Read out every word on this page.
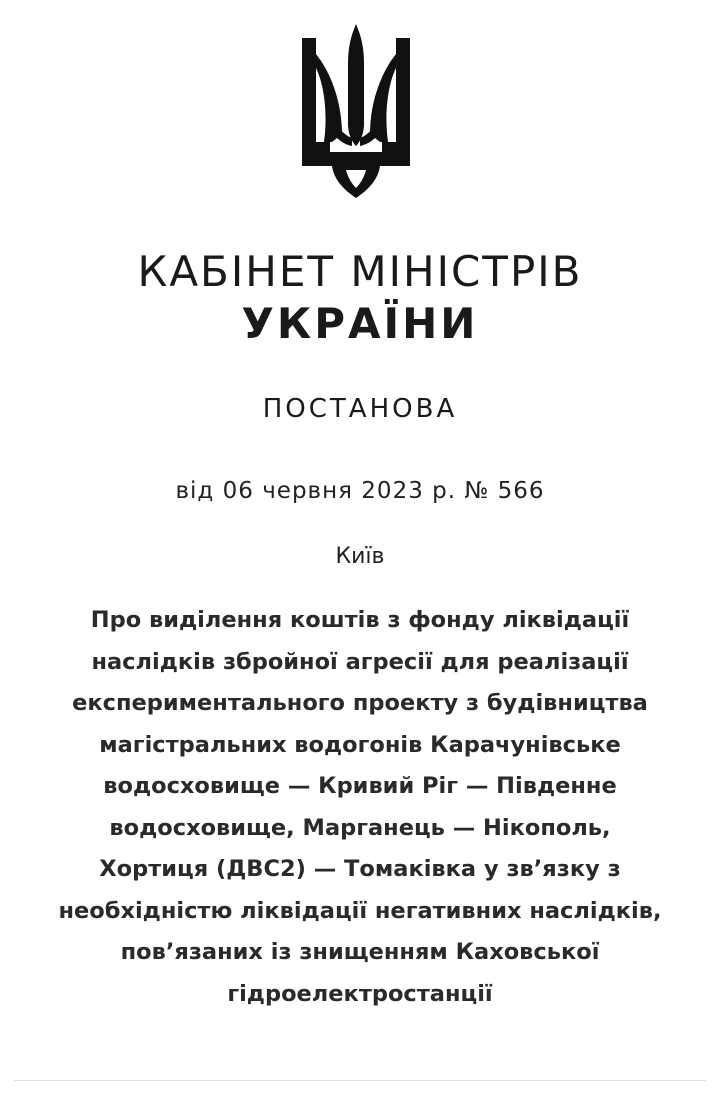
КАБІНЕТ МІНІСТРІВ
УКРАЇНИ
ПОСТАНОВА
від 06 червня 2023 р. № 566
Київ
Про виділення коштів з фонду ліквідації
наслідків збройної агресії для реалізації
експериментального проекту з будівництва
магістральних водогонів Карачунівське
водосховище — Кривий Ріг — Південне
водосховище, Марганець — Нікополь,
Хортиця (ДВС2) — Томаківка у зв’язку з
необхідністю ліквідації негативних наслідків,
пов’язаних із знищенням Каховської
гідроелектростанції
